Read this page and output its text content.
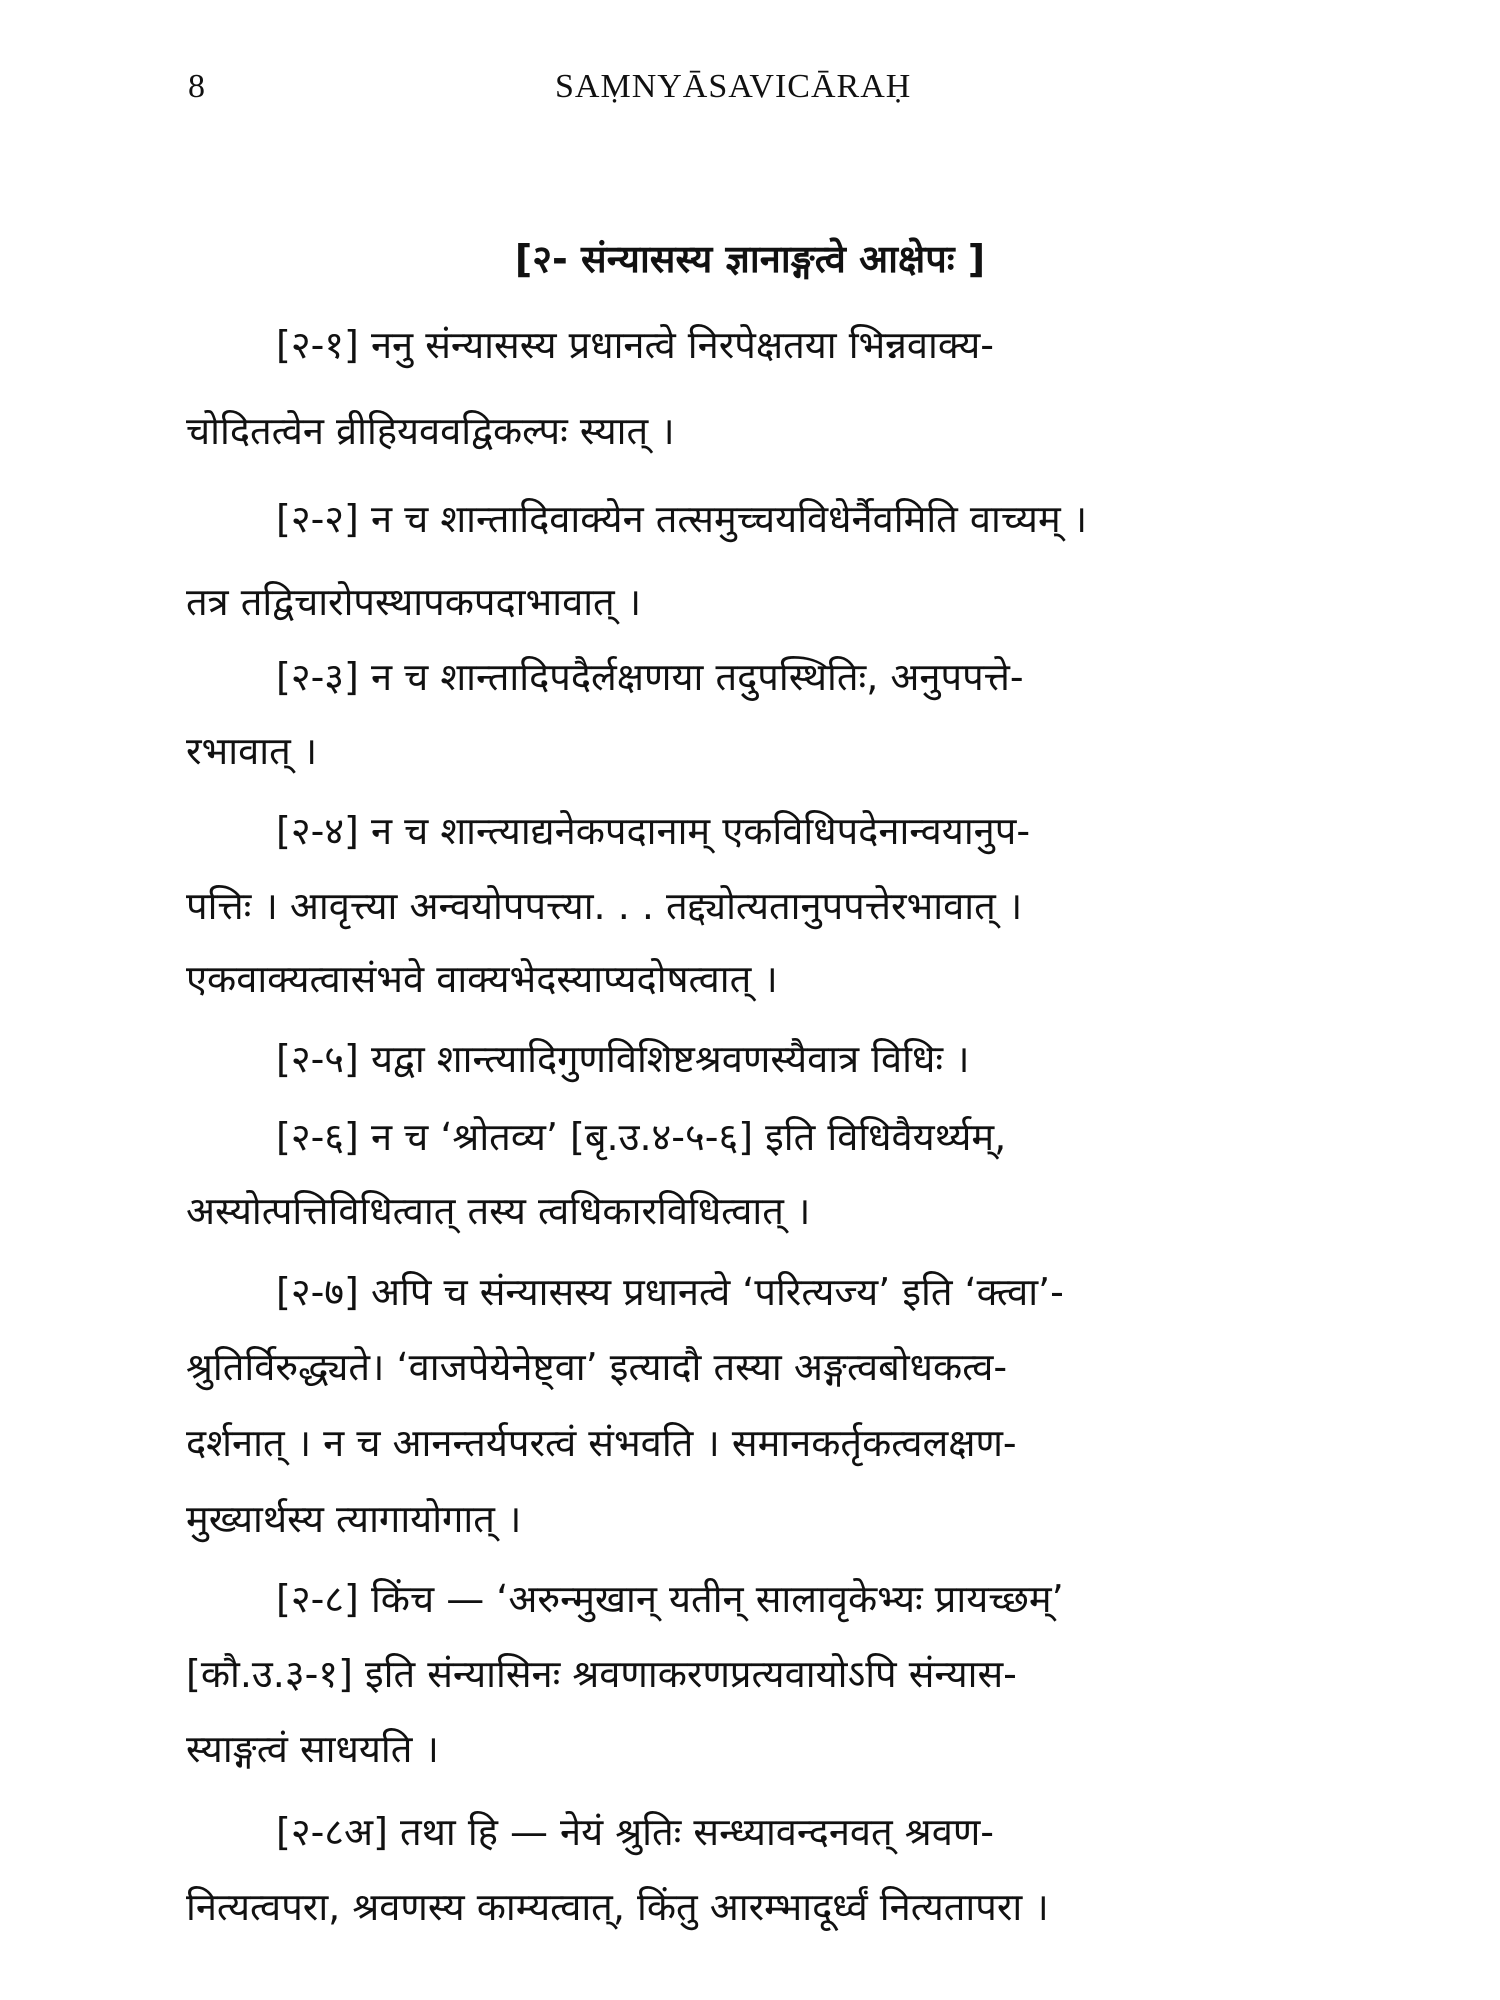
8	SAṂNYĀSAVICĀRAḤ
[२- संन्यासस्य ज्ञानाङ्गत्वे आक्षेपः ]
[२-१] ननु संन्यासस्य प्रधानत्वे निरपेक्षतया भिन्नवाक्य-
चोदितत्वेन व्रीहियववद्विकल्पः स्यात् ।
[२-२] न च शान्तादिवाक्येन तत्समुच्चयविधेर्नैवमिति वाच्यम् ।
तत्र तद्विचारोपस्थापकपदाभावात् ।
[२-३] न च शान्तादिपदैर्लक्षणया तदुपस्थितिः, अनुपपत्ते-
रभावात् ।
[२-४] न च शान्त्याद्यनेकपदानाम् एकविधिपदेनान्वयानुप-
पत्तिः । आवृत्त्या अन्वयोपपत्त्या. . . तद्द्योत्यतानुपपत्तेरभावात् ।
एकवाक्यत्वासंभवे वाक्यभेदस्याप्यदोषत्वात् ।
[२-५] यद्वा शान्त्यादिगुणविशिष्टश्रवणस्यैवात्र विधिः ।
[२-६] न च ‘श्रोतव्य’ [बृ.उ.४-५-६] इति विधिवैयर्थ्यम्,
अस्योत्पत्तिविधित्वात् तस्य त्वधिकारविधित्वात् ।
[२-७] अपि च संन्यासस्य प्रधानत्वे ‘परित्यज्य’ इति ‘क्त्वा’-
श्रुतिर्विरुद्ध्यते। ‘वाजपेयेनेष्ट्वा’ इत्यादौ तस्या अङ्गत्वबोधकत्व-
दर्शनात् । न च आनन्तर्यपरत्वं संभवति । समानकर्तृकत्वलक्षण-
मुख्यार्थस्य त्यागायोगात् ।
[२-८] किंच — ‘अरुन्मुखान् यतीन् सालावृकेभ्यः प्रायच्छम्’
[कौ.उ.३-१] इति संन्यासिनः श्रवणाकरणप्रत्यवायोऽपि संन्यास-
स्याङ्गत्वं साधयति ।
[२-८अ] तथा हि — नेयं श्रुतिः सन्ध्यावन्दनवत् श्रवण-
नित्यत्वपरा, श्रवणस्य काम्यत्वात्, किंतु आरम्भादूर्ध्वं नित्यतापरा ।
